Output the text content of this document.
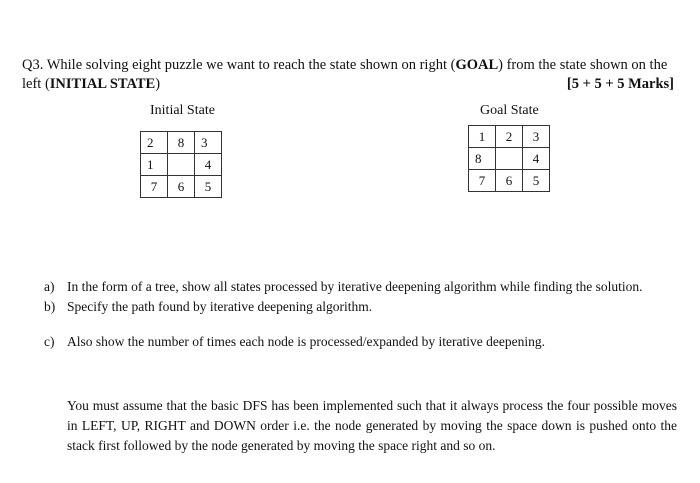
Q3. While solving eight puzzle we want to reach the state shown on right (GOAL) from the state shown on the left (INITIAL STATE)	[5 + 5 + 5 Marks]
Initial State
2	8	3
1		4
7	6	5
Goal State
1	2	3
8		4
7	6	5
a) In the form of a tree, show all states processed by iterative deepening algorithm while finding the solution.
b) Specify the path found by iterative deepening algorithm.
c) Also show the number of times each node is processed/expanded by iterative deepening.
You must assume that the basic DFS has been implemented such that it always process the four possible moves in LEFT, UP, RIGHT and DOWN order i.e. the node generated by moving the space down is pushed onto the stack first followed by the node generated by moving the space right and so on.
